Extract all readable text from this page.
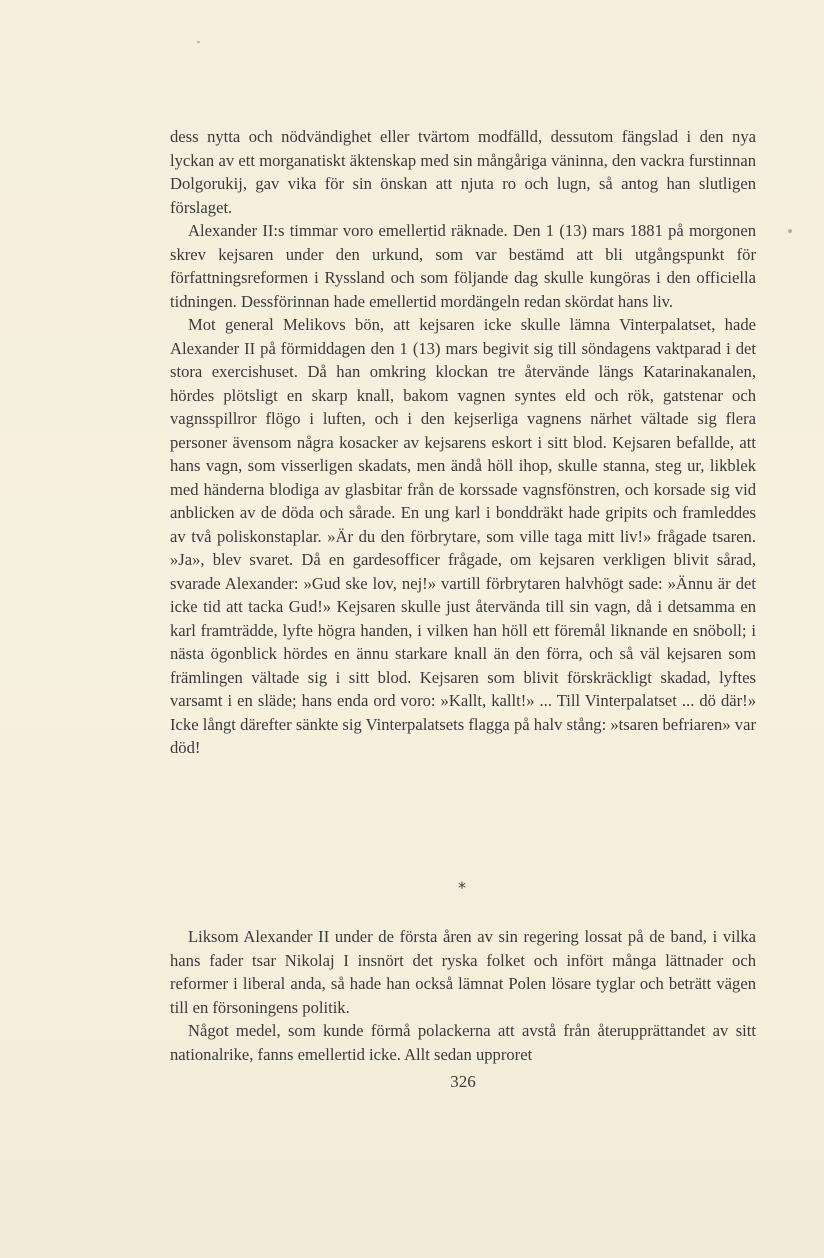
dess nytta och nödvändighet eller tvärtom modfälld, dessutom fängslad i den nya lyckan av ett morganatiskt äktenskap med sin mångåriga väninna, den vackra furstinnan Dolgorukij, gav vika för sin önskan att njuta ro och lugn, så antog han slutligen förslaget.

Alexander II:s timmar voro emellertid räknade. Den 1 (13) mars 1881 på morgonen skrev kejsaren under den urkund, som var bestämd att bli utgångspunkt för författningsreformen i Ryssland och som följande dag skulle kungöras i den officiella tidningen. Dessförinnan hade emellertid mordängeln redan skördat hans liv.

Mot general Melikovs bön, att kejsaren icke skulle lämna Vinterpalatset, hade Alexander II på förmiddagen den 1 (13) mars begivit sig till söndagens vaktparad i det stora exercishuset. Då han omkring klockan tre återvände längs Katarinakanalen, hördes plötsligt en skarp knall, bakom vagnen syntes eld och rök, gatstenar och vagnsspillror flögo i luften, och i den kejserliga vagnens närhet vältade sig flera personer ävensom några kosacker av kejsarens eskort i sitt blod. Kejsaren befallde, att hans vagn, som visserligen skadats, men ändå höll ihop, skulle stanna, steg ur, likblek med händerna blodiga av glasbitar från de korssade vagnsfönstren, och korsade sig vid anblicken av de döda och sårade. En ung karl i bonddräkt hade gripits och framleddes av två poliskonstaplar. »Är du den förbrytare, som ville taga mitt liv!» frågade tsaren. »Ja», blev svaret. Då en gardesofficer frågade, om kejsaren verkligen blivit sårad, svarade Alexander: »Gud ske lov, nej!» vartill förbrytaren halvhögt sade: »Ännu är det icke tid att tacka Gud!» Kejsaren skulle just återvända till sin vagn, då i detsamma en karl framträdde, lyfte högra handen, i vilken han höll ett föremål liknande en snöboll; i nästa ögonblick hördes en ännu starkare knall än den förra, och så väl kejsaren som främlingen vältade sig i sitt blod. Kejsaren som blivit förskräckligt skadad, lyftes varsamt i en släde; hans enda ord voro: »Kallt, kallt!» ... Till Vinterpalatset ... dö där!» Icke långt därefter sänkte sig Vinterpalatsets flagga på halv stång: »tsaren befriaren» var död!

*

Liksom Alexander II under de första åren av sin regering lossat på de band, i vilka hans fader tsar Nikolaj I insnört det ryska folket och infört många lättnader och reformer i liberal anda, så hade han också lämnat Polen lösare tyglar och beträtt vägen till en försoningens politik.

Något medel, som kunde förmå polackerna att avstå från återupprättandet av sitt nationalrike, fanns emellertid icke. Allt sedan upproret

326
